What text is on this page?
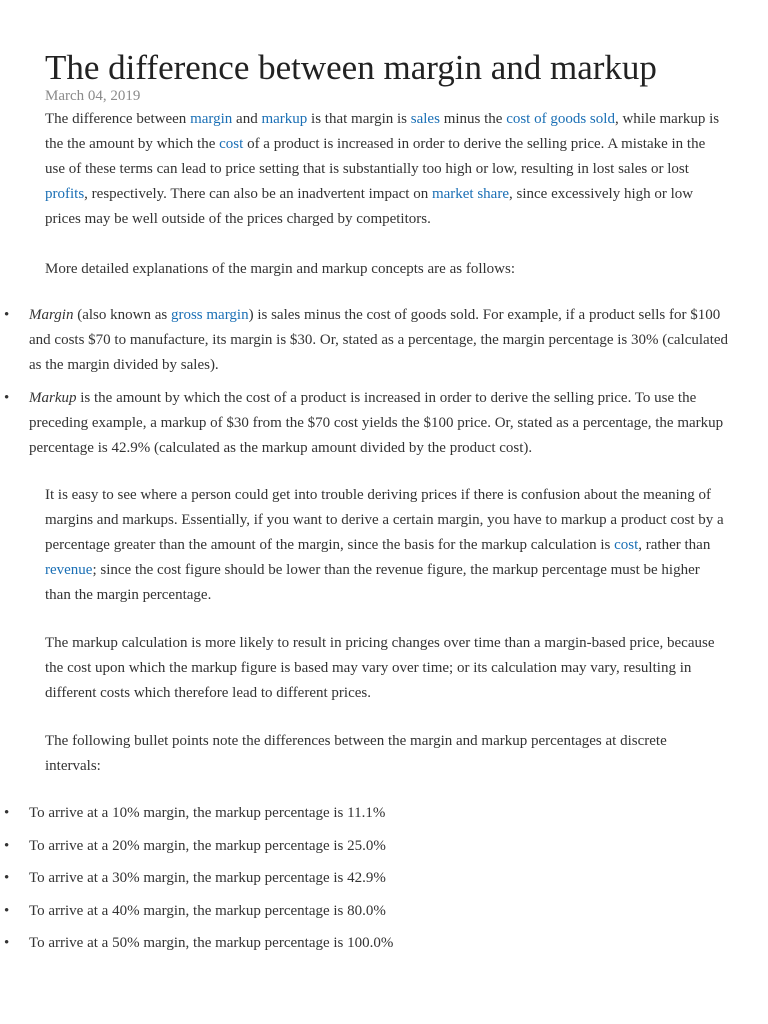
The difference between margin and markup
March 04, 2019

The difference between margin and markup is that margin is sales minus the cost of goods sold, while markup is the the amount by which the cost of a product is increased in order to derive the selling price. A mistake in the use of these terms can lead to price setting that is substantially too high or low, resulting in lost sales or lost profits, respectively. There can also be an inadvertent impact on market share, since excessively high or low prices may be well outside of the prices charged by competitors.

More detailed explanations of the margin and markup concepts are as follows:

• Margin (also known as gross margin) is sales minus the cost of goods sold. For example, if a product sells for $100 and costs $70 to manufacture, its margin is $30. Or, stated as a percentage, the margin percentage is 30% (calculated as the margin divided by sales).
• Markup is the amount by which the cost of a product is increased in order to derive the selling price. To use the preceding example, a markup of $30 from the $70 cost yields the $100 price. Or, stated as a percentage, the markup percentage is 42.9% (calculated as the markup amount divided by the product cost).

It is easy to see where a person could get into trouble deriving prices if there is confusion about the meaning of margins and markups. Essentially, if you want to derive a certain margin, you have to markup a product cost by a percentage greater than the amount of the margin, since the basis for the markup calculation is cost, rather than revenue; since the cost figure should be lower than the revenue figure, the markup percentage must be higher than the margin percentage.

The markup calculation is more likely to result in pricing changes over time than a margin-based price, because the cost upon which the markup figure is based may vary over time; or its calculation may vary, resulting in different costs which therefore lead to different prices.

The following bullet points note the differences between the margin and markup percentages at discrete intervals:

• To arrive at a 10% margin, the markup percentage is 11.1%
• To arrive at a 20% margin, the markup percentage is 25.0%
• To arrive at a 30% margin, the markup percentage is 42.9%
• To arrive at a 40% margin, the markup percentage is 80.0%
• To arrive at a 50% margin, the markup percentage is 100.0%
